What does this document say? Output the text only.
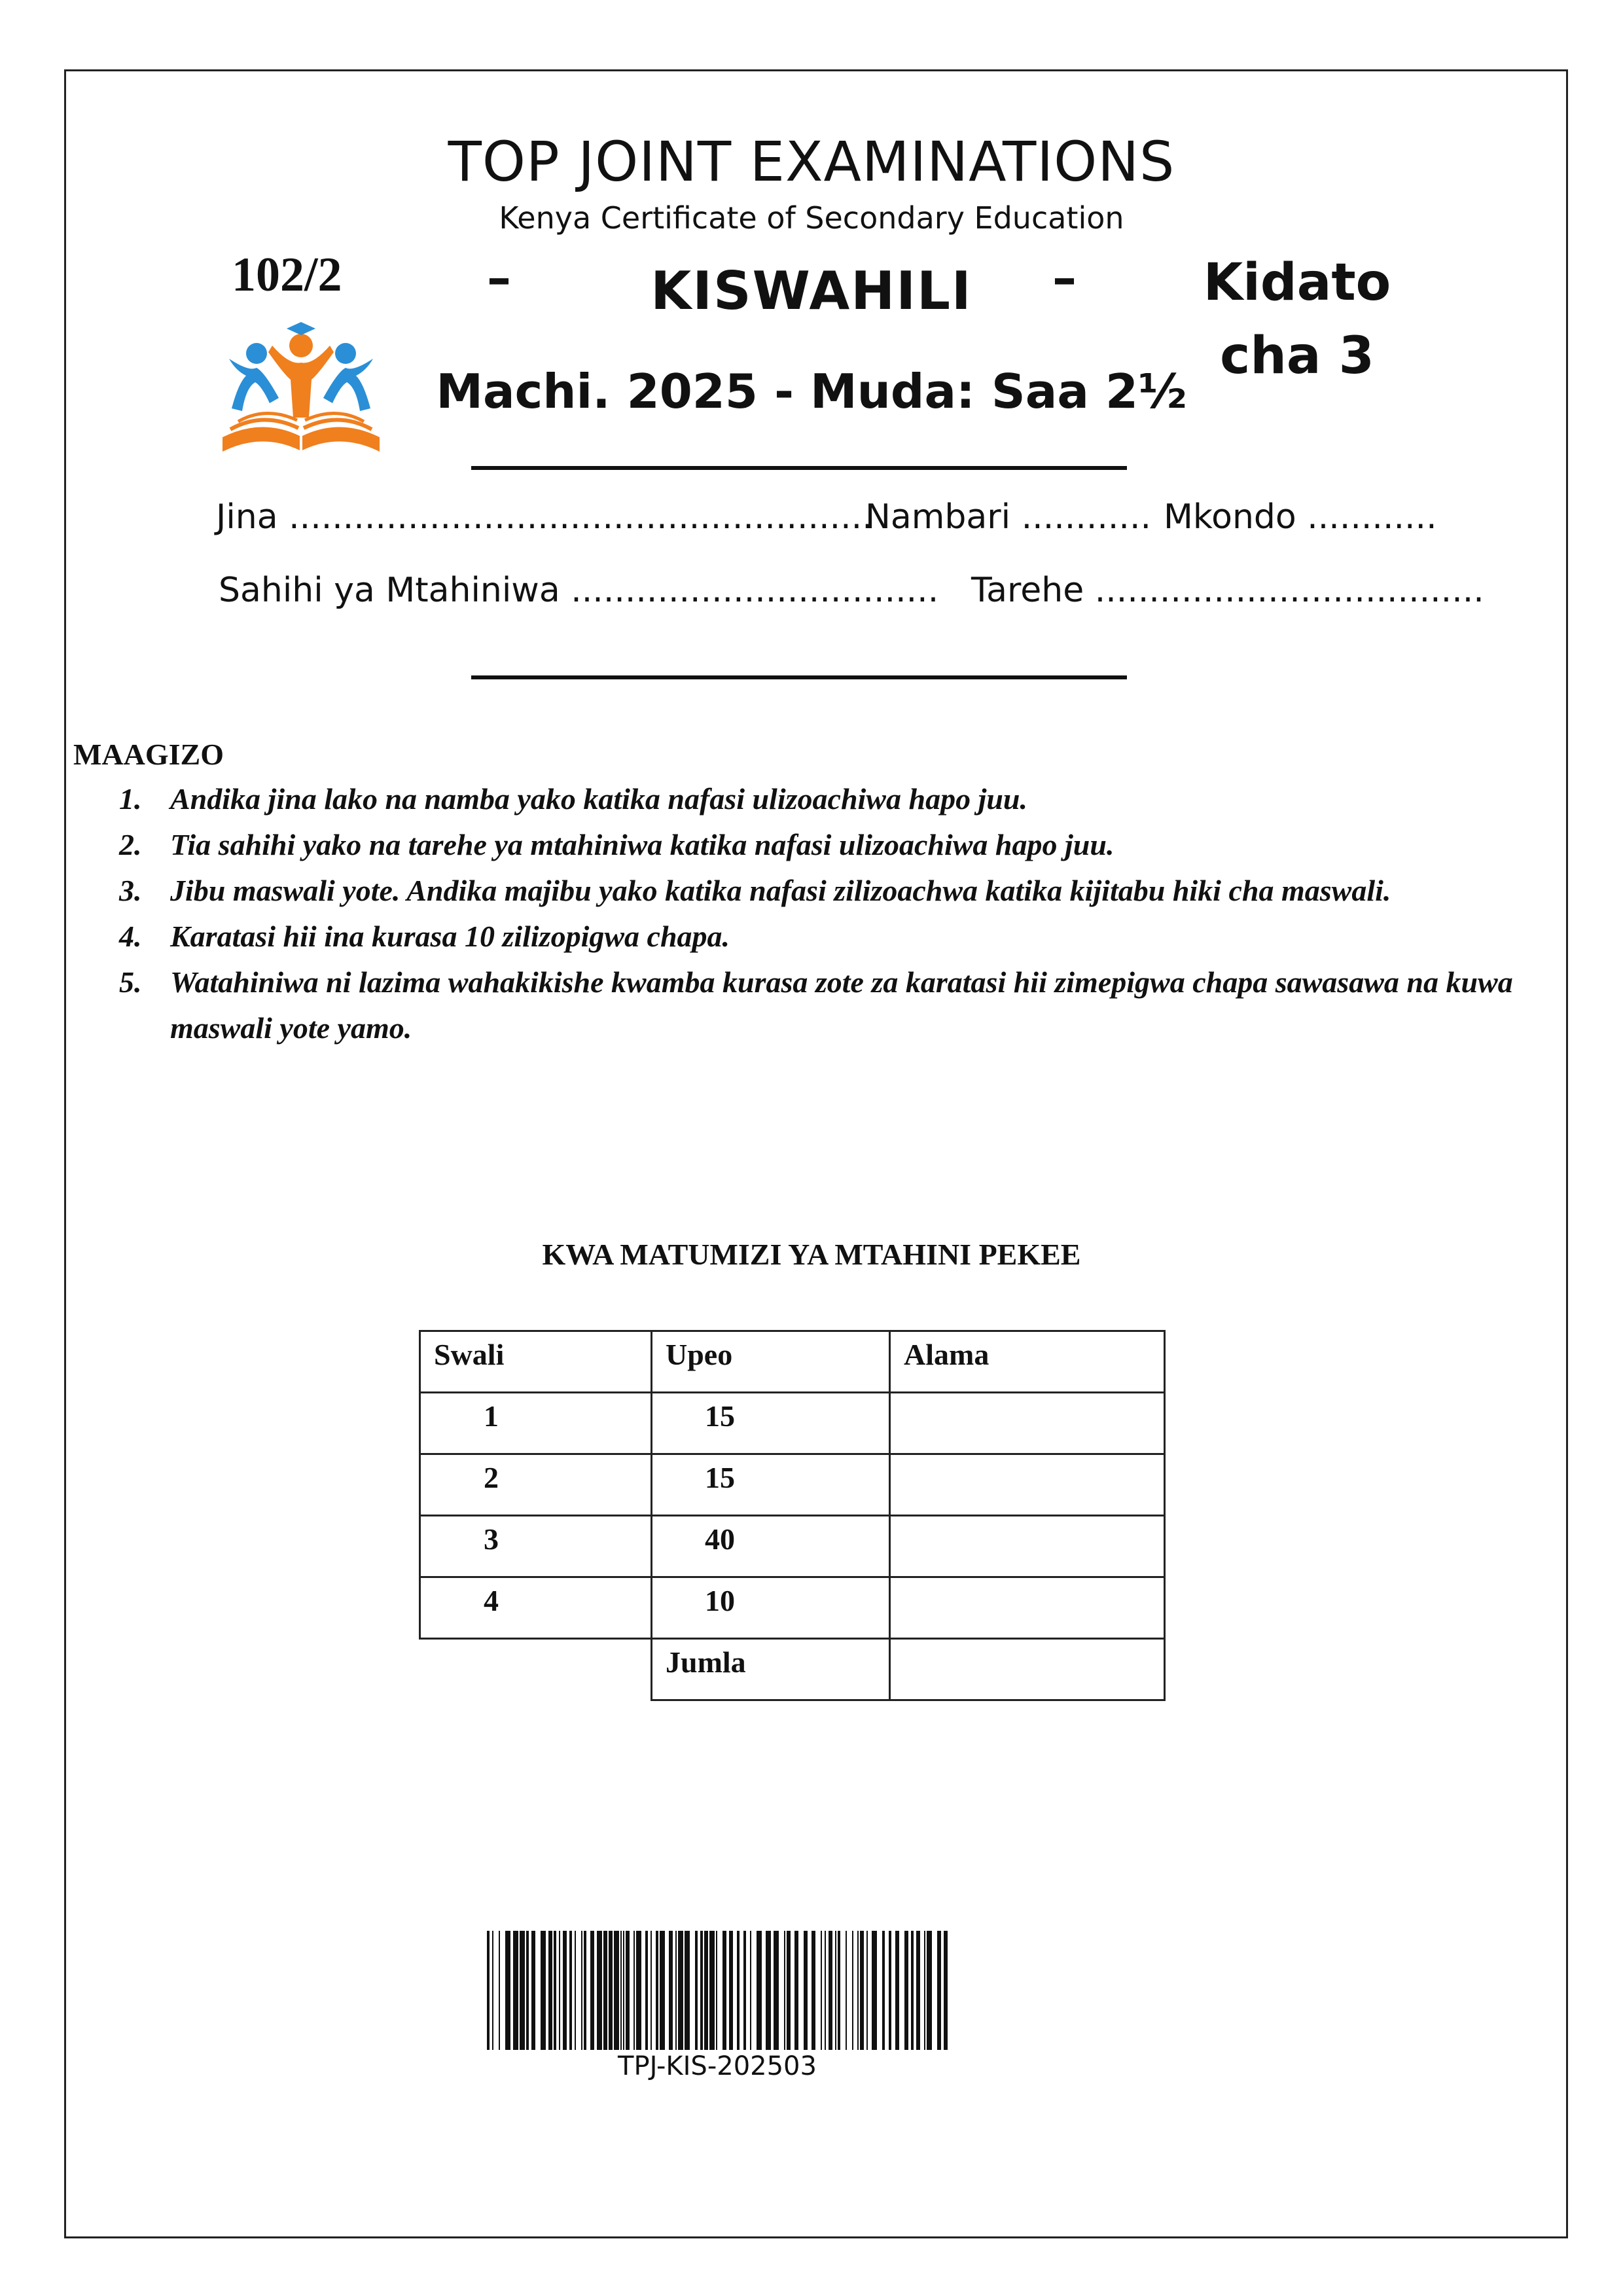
TOP JOINT EXAMINATIONS
Kenya Certificate of Secondary Education
102/2	–	KISWAHILI	–	Kidato cha 3
Machi. 2025 - Muda: Saa 2½
Jina ......................................................
Nambari ............ Mkondo ............
Sahihi ya Mtahiniwa .................................. Tarehe ....................................
MAAGIZO
1. Andika jina lako na namba yako katika nafasi ulizoachiwa hapo juu.
2. Tia sahihi yako na tarehe ya mtahiniwa katika nafasi ulizoachiwa hapo juu.
3. Jibu maswali yote. Andika majibu yako katika nafasi zilizoachwa katika kijitabu hiki cha maswali.
4. Karatasi hii ina kurasa 10 zilizopigwa chapa.
5. Watahiniwa ni lazima wahakikishe kwamba kurasa zote za karatasi hii zimepigwa chapa sawasawa na kuwa maswali yote yamo.
KWA MATUMIZI YA MTAHINI PEKEE
Swali	Upeo	Alama
1	15	
2	15	
3	40	
4	10	
	Jumla	
TPJ-KIS-202503
